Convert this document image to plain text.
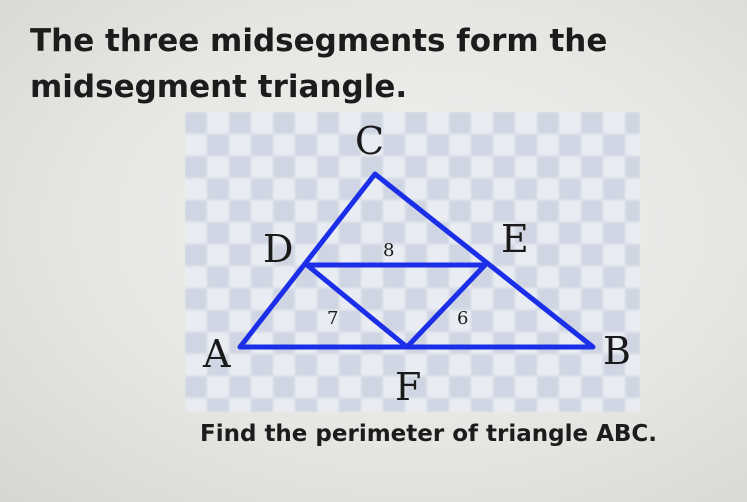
The three midsegments form the midsegment triangle.
C
D	E
A	B
F
8
7	6
Find the perimeter of triangle ABC.
